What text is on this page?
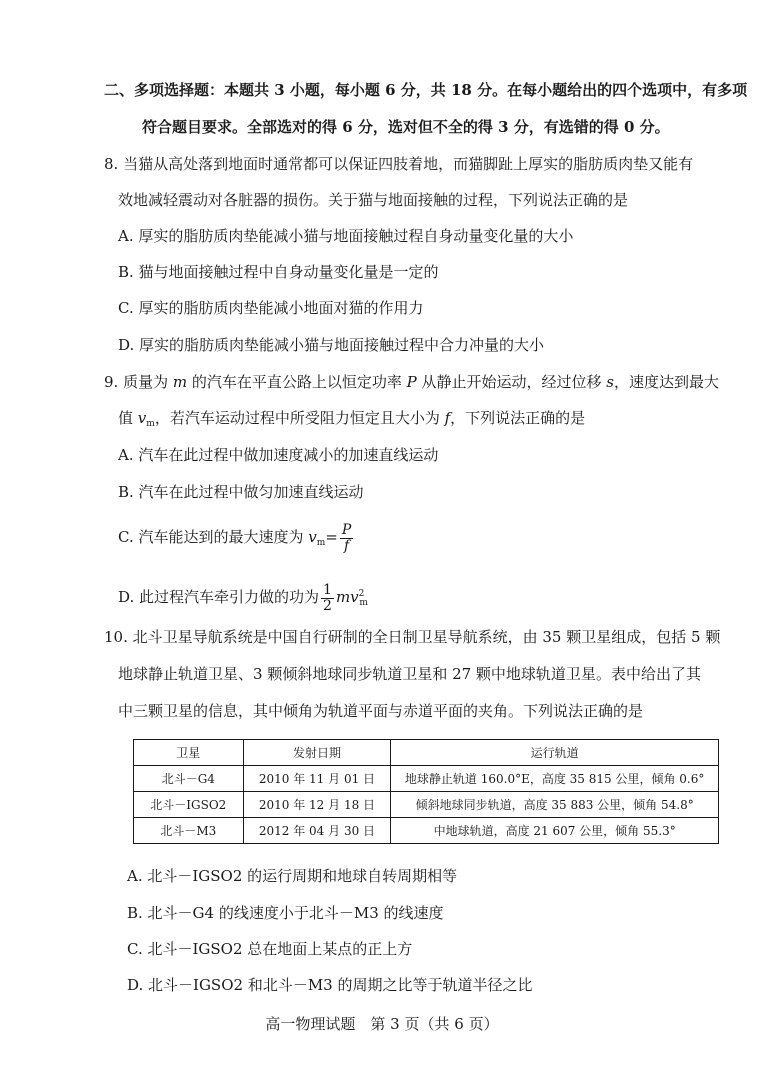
二、多项选择题：本题共 3 小题，每小题 6 分，共 18 分。在每小题给出的四个选项中，有多项
符合题目要求。全部选对的得 6 分，选对但不全的得 3 分，有选错的得 0 分。
8. 当猫从高处落到地面时通常都可以保证四肢着地，而猫脚趾上厚实的脂肪质肉垫又能有
效地减轻震动对各脏器的损伤。关于猫与地面接触的过程，下列说法正确的是
A. 厚实的脂肪质肉垫能减小猫与地面接触过程自身动量变化量的大小
B. 猫与地面接触过程中自身动量变化量是一定的
C. 厚实的脂肪质肉垫能减小地面对猫的作用力
D. 厚实的脂肪质肉垫能减小猫与地面接触过程中合力冲量的大小
9. 质量为 m 的汽车在平直公路上以恒定功率 P 从静止开始运动，经过位移 s，速度达到最大
值 $v_m$，若汽车运动过程中所受阻力恒定且大小为 f，下列说法正确的是
A. 汽车在此过程中做加速度减小的加速直线运动
B. 汽车在此过程中做匀加速直线运动
C. 汽车能达到的最大速度为 $v_m= \frac{P}{f}$
D. 此过程汽车牵引力做的功为 $\frac{1}{2} mv^2_m$
10. 北斗卫星导航系统是中国自行研制的全日制卫星导航系统，由 35 颗卫星组成，包括 5 颗
地球静止轨道卫星、3 颗倾斜地球同步轨道卫星和 27 颗中地球轨道卫星。表中给出了其
中三颗卫星的信息，其中倾角为轨道平面与赤道平面的夹角。下列说法正确的是
卫星	发射日期	运行轨道
北斗－G4	2010 年 11 月 01 日	地球静止轨道 160.0°E，高度 35 815 公里，倾角 0.6°
北斗－IGSO2	2010 年 12 月 18 日	倾斜地球同步轨道，高度 35 883 公里，倾角 54.8°
北斗－M3	2012 年 04 月 30 日	中地球轨道，高度 21 607 公里，倾角 55.3°
A. 北斗－IGSO2 的运行周期和地球自转周期相等
B. 北斗－G4 的线速度小于北斗－M3 的线速度
C. 北斗－IGSO2 总在地面上某点的正上方
D. 北斗－IGSO2 和北斗－M3 的周期之比等于轨道半径之比
高一物理试题　第 3 页（共 6 页）
